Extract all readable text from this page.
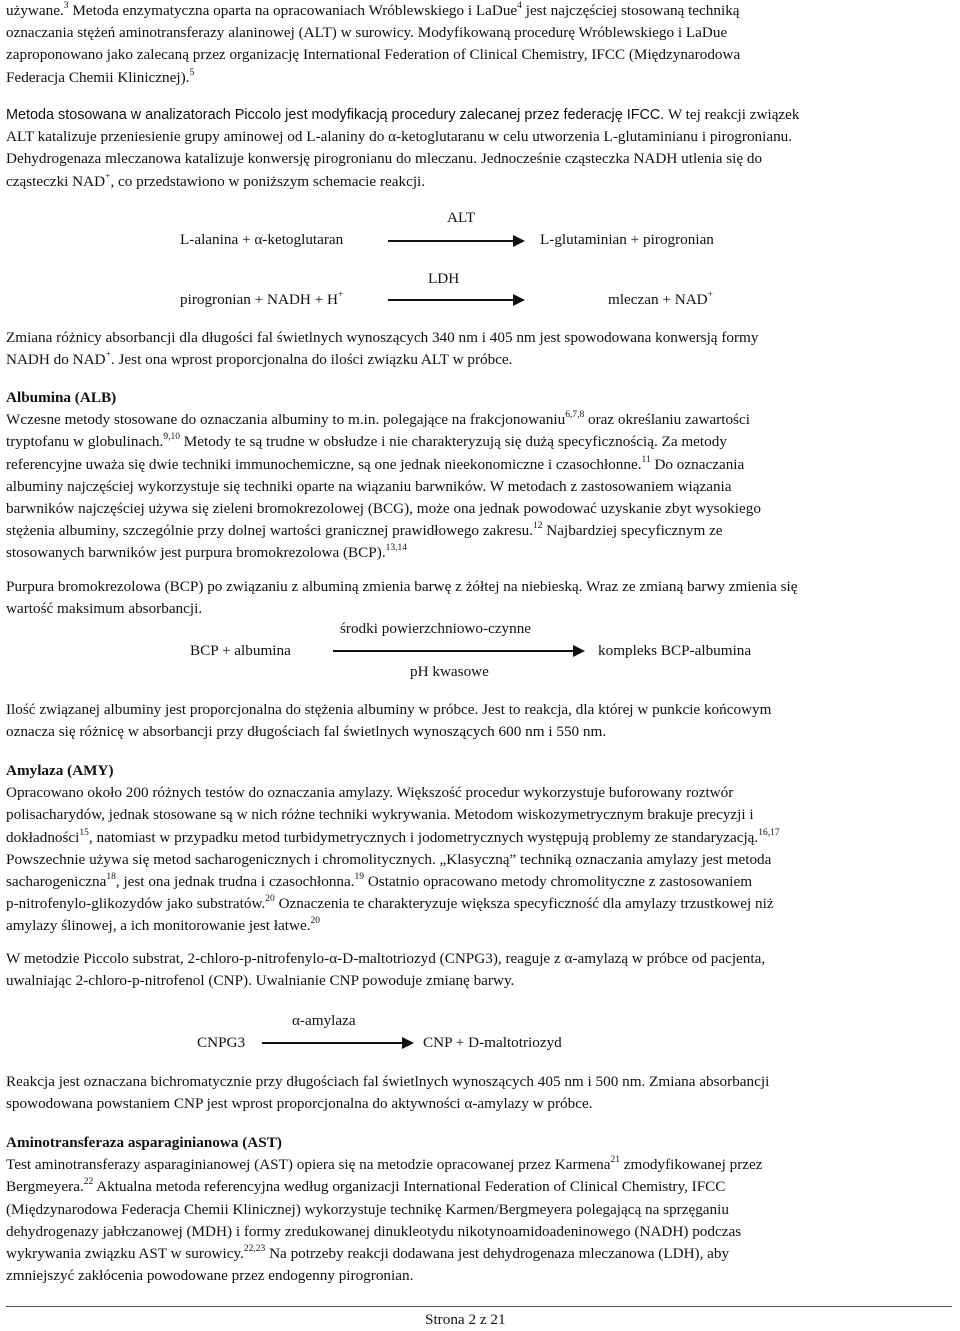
używane.$^3$ Metoda enzymatyczna oparta na opracowaniach Wróblewskiego i LaDue$^4$ jest najczęściej stosowaną techniką
oznaczania stężeń aminotransferazy alaninowej (ALT) w surowicy. Modyfikowaną procedurę Wróblewskiego i LaDue
zaproponowano jako zalecaną przez organizację International Federation of Clinical Chemistry, IFCC (Międzynarodowa
Federacja Chemii Klinicznej).$^5$

Metoda stosowana w analizatorach Piccolo jest modyfikacją procedury zalecanej przez federację IFCC. W tej reakcji związek
ALT katalizuje przeniesienie grupy aminowej od L-alaniny do α-ketoglutaranu w celu utworzenia L-glutaminianu i pirogronianu.
Dehydrogenaza mleczanowa katalizuje konwersję pirogronianu do mleczanu. Jednocześnie cząsteczka NADH utlenia się do
cząsteczki NAD+, co przedstawiono w poniższym schemacie reakcji.

ALT
L-alanina + α-ketoglutaran	L-glutaminian + pirogronian
LDH
pirogronian + NADH + H+	mleczan + NAD+

Zmiana różnicy absorbancji dla długości fal świetlnych wynoszących 340 nm i 405 nm jest spowodowana konwersją formy
NADH do NAD+. Jest ona wprost proporcjonalna do ilości związku ALT w próbce.

Albumina (ALB)
Wczesne metody stosowane do oznaczania albuminy to m.in. polegające na frakcjonowaniu$^{6,7,8}$ oraz określaniu zawartości
tryptofanu w globulinach.$^{9,10}$ Metody te są trudne w obsłudze i nie charakteryzują się dużą specyficznością. Za metody
referencyjne uważa się dwie techniki immunochemiczne, są one jednak nieekonomiczne i czasochłonne.$^{11}$ Do oznaczania
albuminy najczęściej wykorzystuje się techniki oparte na wiązaniu barwników. W metodach z zastosowaniem wiązania
barwników najczęściej używa się zieleni bromokrezolowej (BCG), może ona jednak powodować uzyskanie zbyt wysokiego
stężenia albuminy, szczególnie przy dolnej wartości granicznej prawidłowego zakresu.$^{12}$ Najbardziej specyficznym ze
stosowanych barwników jest purpura bromokrezolowa (BCP).$^{13,14}$

Purpura bromokrezolowa (BCP) po związaniu z albuminą zmienia barwę z żółtej na niebieską. Wraz ze zmianą barwy zmienia się
wartość maksimum absorbancji.

środki powierzchniowo-czynne
BCP + albumina	kompleks BCP-albumina
pH kwasowe

Ilość związanej albuminy jest proporcjonalna do stężenia albuminy w próbce. Jest to reakcja, dla której w punkcie końcowym
oznacza się różnicę w absorbancji przy długościach fal świetlnych wynoszących 600 nm i 550 nm.

Amylaza (AMY)
Opracowano około 200 różnych testów do oznaczania amylazy. Większość procedur wykorzystuje buforowany roztwór
polisacharydów, jednak stosowane są w nich różne techniki wykrywania. Metodom wiskozymetrycznym brakuje precyzji i
dokładności$^{15}$, natomiast w przypadku metod turbidymetrycznych i jodometrycznych występują problemy ze standaryzacją.$^{16,17}$
Powszechnie używa się metod sacharogenicznych i chromolitycznych. „Klasyczną” techniką oznaczania amylazy jest metoda
sacharogeniczna$^{18}$, jest ona jednak trudna i czasochłonna.$^{19}$ Ostatnio opracowano metody chromolityczne z zastosowaniem
p-nitrofenylo-glikozydów jako substratów.$^{20}$ Oznaczenia te charakteryzuje większa specyficzność dla amylazy trzustkowej niż
amylazy ślinowej, a ich monitorowanie jest łatwe.$^{20}$

W metodzie Piccolo substrat, 2-chloro-p-nitrofenylo-α-D-maltotriozyd (CNPG3), reaguje z α-amylazą w próbce od pacjenta,
uwalniając 2-chloro-p-nitrofenol (CNP). Uwalnianie CNP powoduje zmianę barwy.

α-amylaza
CNPG3	CNP + D-maltotriozyd

Reakcja jest oznaczana bichromatycznie przy długościach fal świetlnych wynoszących 405 nm i 500 nm. Zmiana absorbancji
spowodowana powstaniem CNP jest wprost proporcjonalna do aktywności α-amylazy w próbce.

Aminotransferaza asparaginianowa (AST)
Test aminotransferazy asparaginianowej (AST) opiera się na metodzie opracowanej przez Karmena$^{21}$ zmodyfikowanej przez
Bergmeyera.$^{22}$ Aktualna metoda referencyjna według organizacji International Federation of Clinical Chemistry, IFCC
(Międzynarodowa Federacja Chemii Klinicznej) wykorzystuje technikę Karmen/Bergmeyera polegającą na sprzęganiu
dehydrogenazy jabłczanowej (MDH) i formy zredukowanej dinukleotydu nikotynoamidoadeninowego (NADH) podczas
wykrywania związku AST w surowicy.$^{22,23}$ Na potrzeby reakcji dodawana jest dehydrogenaza mleczanowa (LDH), aby
zmniejszyć zakłócenia powodowane przez endogenny pirogronian.

Strona 2 z 21
